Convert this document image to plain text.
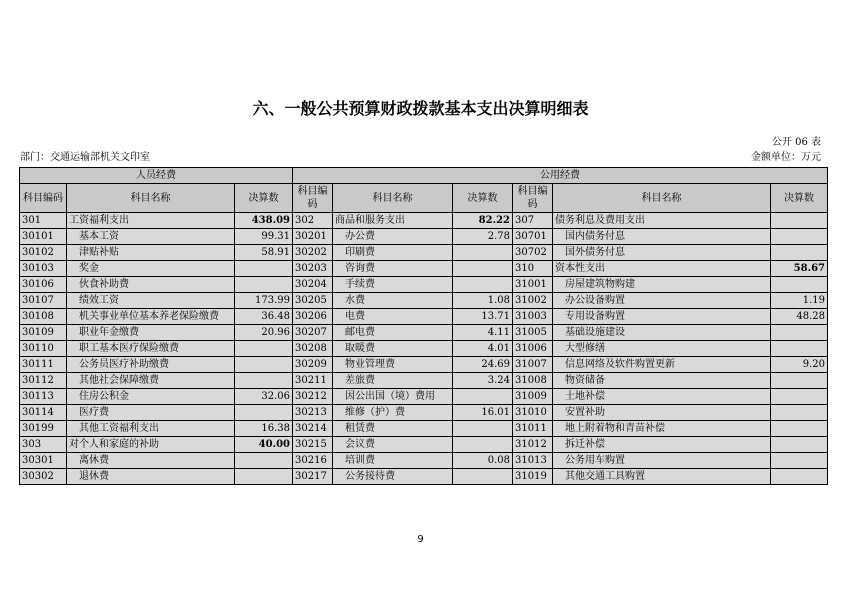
六、一般公共预算财政拨款基本支出决算明细表
公开 06 表
部门：交通运输部机关文印室	金额单位：万元
人员经费			公用经费					
科目编码	科目名称	决算数	科目编码	科目名称	决算数	科目编码	科目名称	决算数
301	工资福利支出	438.09	302	商品和服务支出	82.22	307	债务利息及费用支出	
30101	基本工资	99.31	30201	办公费	2.78	30701	国内债务付息	
30102	津贴补贴	58.91	30202	印刷费		30702	国外债务付息	
30103	奖金		30203	咨询费		310	资本性支出	58.67
30106	伙食补助费		30204	手续费		31001	房屋建筑物购建	
30107	绩效工资	173.99	30205	水费	1.08	31002	办公设备购置	1.19
30108	机关事业单位基本养老保险缴费	36.48	30206	电费	13.71	31003	专用设备购置	48.28
30109	职业年金缴费	20.96	30207	邮电费	4.11	31005	基础设施建设	
30110	职工基本医疗保险缴费		30208	取暖费	4.01	31006	大型修缮	
30111	公务员医疗补助缴费		30209	物业管理费	24.69	31007	信息网络及软件购置更新	9.20
30112	其他社会保障缴费		30211	差旅费	3.24	31008	物资储备	
30113	住房公积金	32.06	30212	因公出国（境）费用		31009	土地补偿	
30114	医疗费		30213	维修（护）费	16.01	31010	安置补助	
30199	其他工资福利支出	16.38	30214	租赁费		31011	地上附着物和青苗补偿	
303	对个人和家庭的补助	40.00	30215	会议费		31012	拆迁补偿	
30301	离休费		30216	培训费	0.08	31013	公务用车购置	
30302	退休费		30217	公务接待费		31019	其他交通工具购置	
9
